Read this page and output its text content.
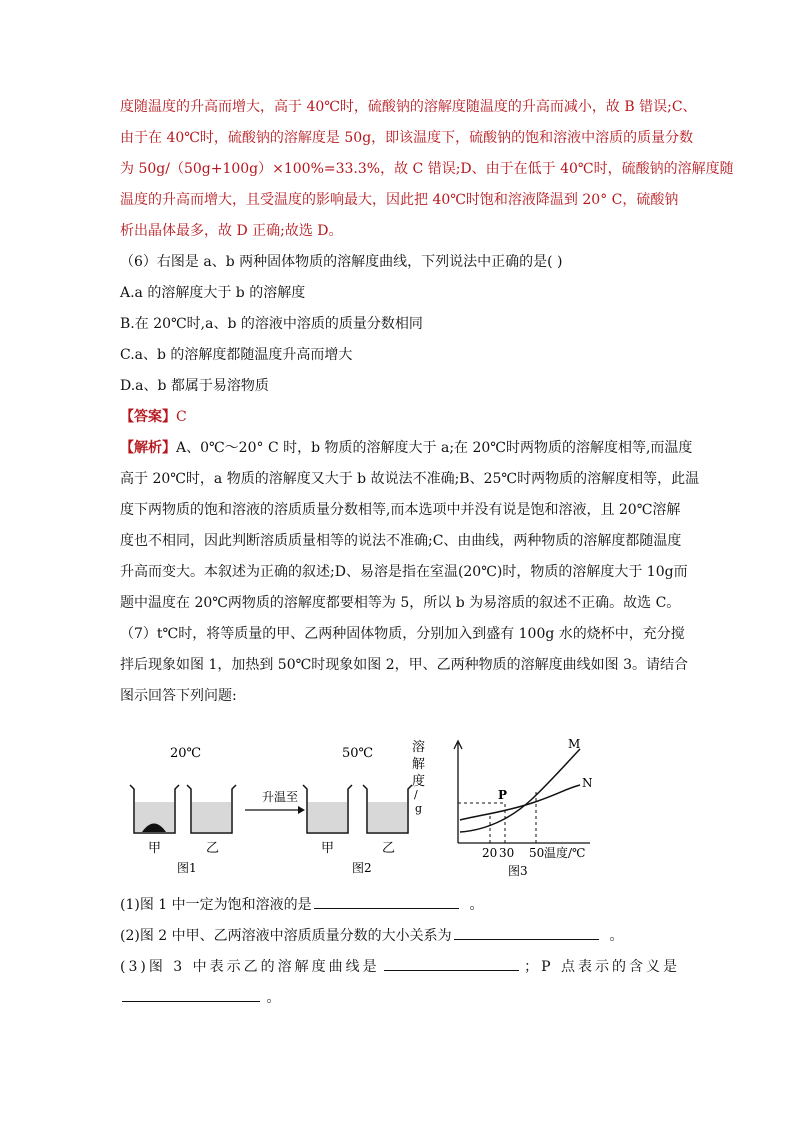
度随温度的升高而增大，高于 40℃时，硫酸钠的溶解度随温度的升高而减小，故 B 错误;C、
由于在 40℃时，硫酸钠的溶解度是 50g，即该温度下，硫酸钠的饱和溶液中溶质的质量分数
为 50g/（50g+100g）×100%=33.3%，故 C 错误;D、由于在低于 40℃时，硫酸钠的溶解度随
温度的升高而增大，且受温度的影响最大，因此把 40℃时饱和溶液降温到 20° C，硫酸钠
析出晶体最多，故 D 正确;故选 D。
（6）右图是 a、b 两种固体物质的溶解度曲线，下列说法中正确的是( )
A.a 的溶解度大于 b 的溶解度
B.在 20℃时,a、b 的溶液中溶质的质量分数相同
C.a、b 的溶解度都随温度升高而增大
D.a、b 都属于易溶物质
【答案】C
【解析】A、0℃～20° C 时，b 物质的溶解度大于 a;在 20℃时两物质的溶解度相等,而温度
高于 20℃时，a 物质的溶解度又大于 b 故说法不准确;B、25℃时两物质的溶解度相等，此温
度下两物质的饱和溶液的溶质质量分数相等,而本选项中并没有说是饱和溶液，且 20℃溶解
度也不相同，因此判断溶质质量相等的说法不准确;C、由曲线，两种物质的溶解度都随温度
升高而变大。本叙述为正确的叙述;D、易溶是指在室温(20℃)时，物质的溶解度大于 10g而
题中温度在 20℃两物质的溶解度都要相等为 5，所以 b 为易溶质的叙述不正确。故选 C。
（7）t℃时，将等质量的甲、乙两种固体物质，分别加入到盛有 100g 水的烧杯中，充分搅
拌后现象如图 1，加热到 50℃时现象如图 2，甲、乙两种物质的溶解度曲线如图 3。请结合
图示回答下列问题:
20℃
甲	乙
图1
升温至
50℃
甲	乙
图2
溶
解
度
/
g
P
M
N
20 30 50 温度/℃
图3
(1)图 1 中一定为饱和溶液的是	。
(2)图 2 中甲、乙两溶液中溶质质量分数的大小关系为	。
(3)图 3 中表示乙的溶解度曲线是	；P 点表示的含义是
。
